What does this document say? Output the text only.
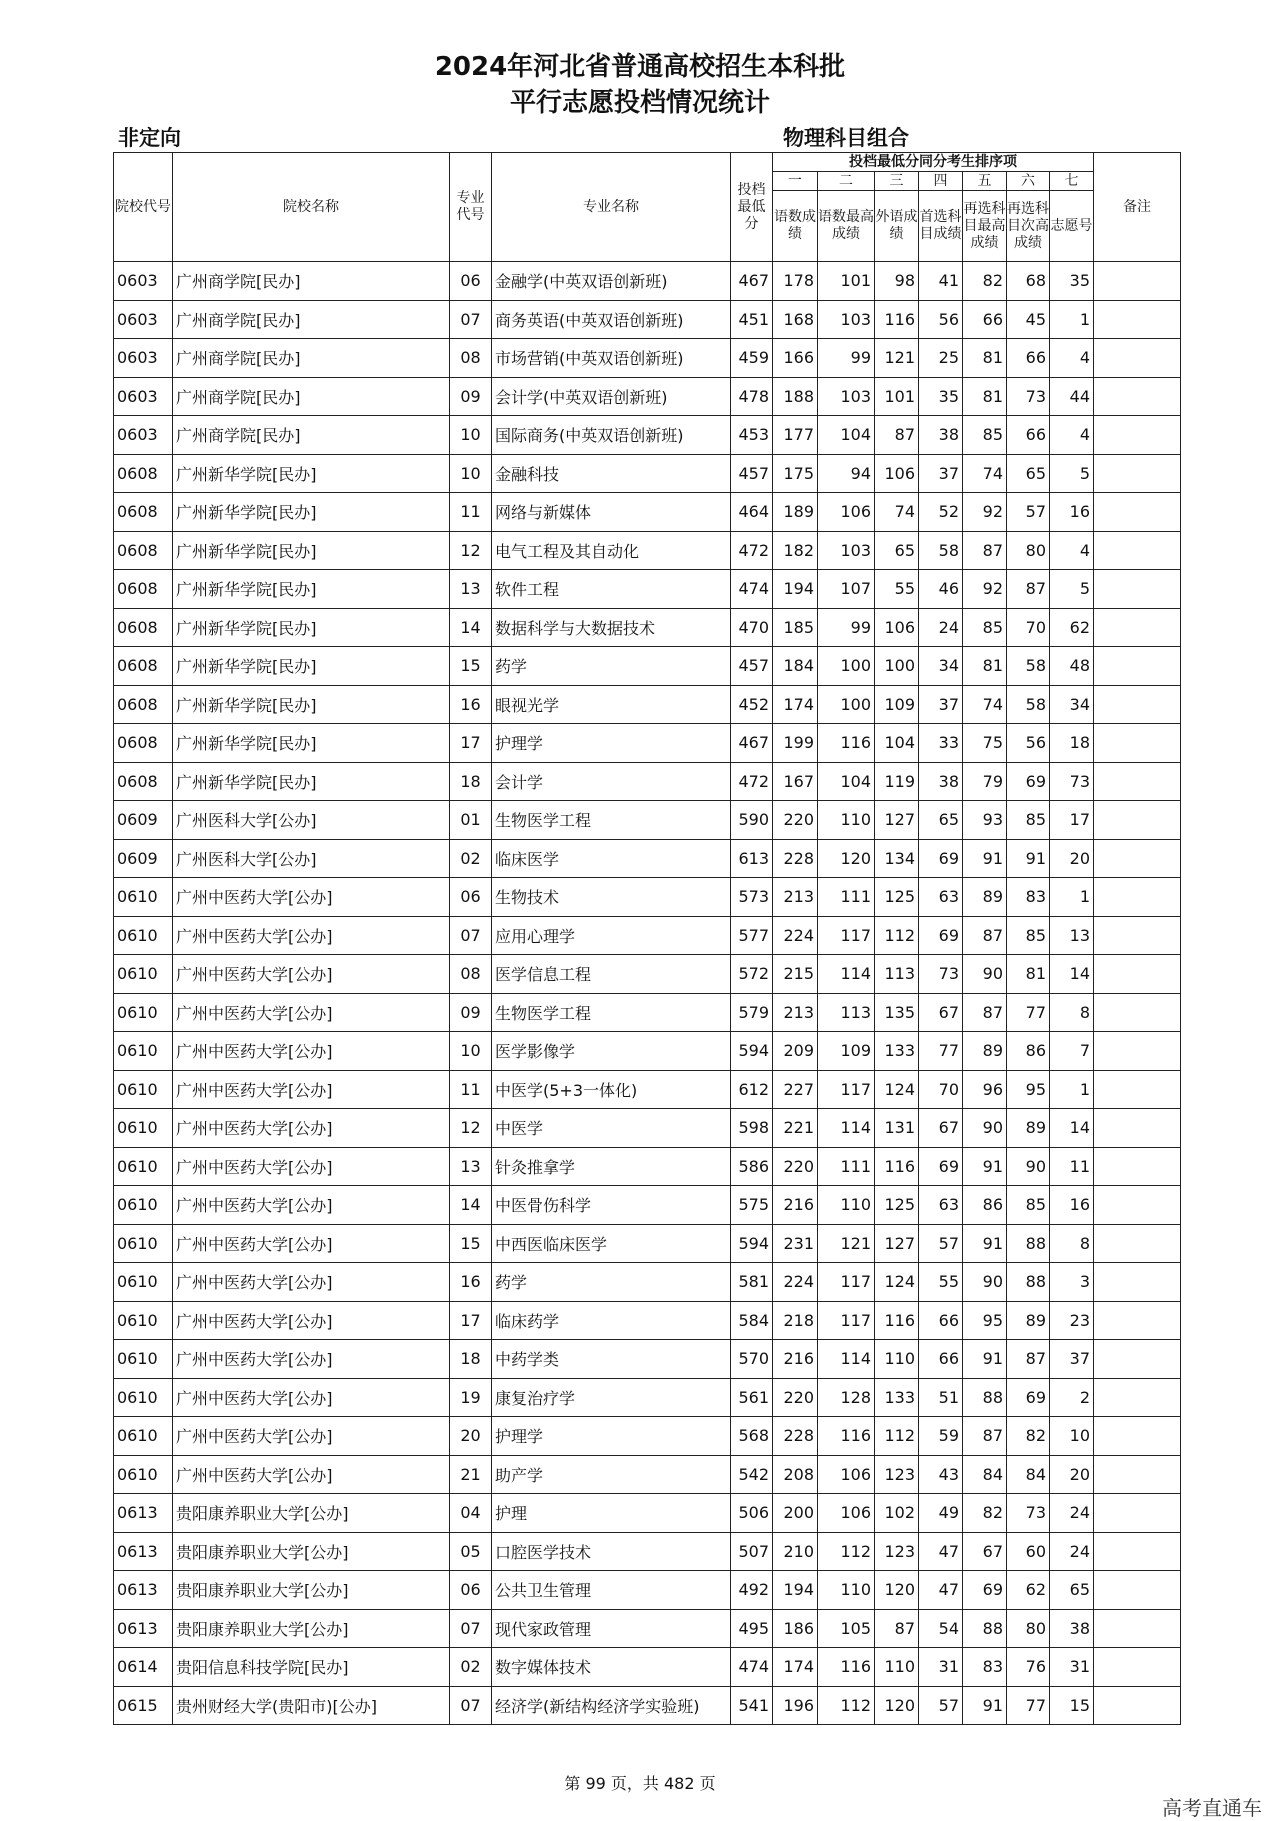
2024年河北省普通高校招生本科批
平行志愿投档情况统计
非定向	物理科目组合
院校代号	院校名称	专业代号	专业名称	投档最低分	投档最低分同分考生排序项							备注
					一	二	三	四	五	六	七	
					语数成绩	语数最高成绩	外语成绩	首选科目成绩	再选科目最高成绩	再选科目次高成绩	志愿号	
0603	广州商学院[民办]	06	金融学(中英双语创新班)	467	178	101	98	41	82	68	35	
0603	广州商学院[民办]	07	商务英语(中英双语创新班)	451	168	103	116	56	66	45	1	
0603	广州商学院[民办]	08	市场营销(中英双语创新班)	459	166	99	121	25	81	66	4	
0603	广州商学院[民办]	09	会计学(中英双语创新班)	478	188	103	101	35	81	73	44	
0603	广州商学院[民办]	10	国际商务(中英双语创新班)	453	177	104	87	38	85	66	4	
0608	广州新华学院[民办]	10	金融科技	457	175	94	106	37	74	65	5	
0608	广州新华学院[民办]	11	网络与新媒体	464	189	106	74	52	92	57	16	
0608	广州新华学院[民办]	12	电气工程及其自动化	472	182	103	65	58	87	80	4	
0608	广州新华学院[民办]	13	软件工程	474	194	107	55	46	92	87	5	
0608	广州新华学院[民办]	14	数据科学与大数据技术	470	185	99	106	24	85	70	62	
0608	广州新华学院[民办]	15	药学	457	184	100	100	34	81	58	48	
0608	广州新华学院[民办]	16	眼视光学	452	174	100	109	37	74	58	34	
0608	广州新华学院[民办]	17	护理学	467	199	116	104	33	75	56	18	
0608	广州新华学院[民办]	18	会计学	472	167	104	119	38	79	69	73	
0609	广州医科大学[公办]	01	生物医学工程	590	220	110	127	65	93	85	17	
0609	广州医科大学[公办]	02	临床医学	613	228	120	134	69	91	91	20	
0610	广州中医药大学[公办]	06	生物技术	573	213	111	125	63	89	83	1	
0610	广州中医药大学[公办]	07	应用心理学	577	224	117	112	69	87	85	13	
0610	广州中医药大学[公办]	08	医学信息工程	572	215	114	113	73	90	81	14	
0610	广州中医药大学[公办]	09	生物医学工程	579	213	113	135	67	87	77	8	
0610	广州中医药大学[公办]	10	医学影像学	594	209	109	133	77	89	86	7	
0610	广州中医药大学[公办]	11	中医学(5+3一体化)	612	227	117	124	70	96	95	1	
0610	广州中医药大学[公办]	12	中医学	598	221	114	131	67	90	89	14	
0610	广州中医药大学[公办]	13	针灸推拿学	586	220	111	116	69	91	90	11	
0610	广州中医药大学[公办]	14	中医骨伤科学	575	216	110	125	63	86	85	16	
0610	广州中医药大学[公办]	15	中西医临床医学	594	231	121	127	57	91	88	8	
0610	广州中医药大学[公办]	16	药学	581	224	117	124	55	90	88	3	
0610	广州中医药大学[公办]	17	临床药学	584	218	117	116	66	95	89	23	
0610	广州中医药大学[公办]	18	中药学类	570	216	114	110	66	91	87	37	
0610	广州中医药大学[公办]	19	康复治疗学	561	220	128	133	51	88	69	2	
0610	广州中医药大学[公办]	20	护理学	568	228	116	112	59	87	82	10	
0610	广州中医药大学[公办]	21	助产学	542	208	106	123	43	84	84	20	
0613	贵阳康养职业大学[公办]	04	护理	506	200	106	102	49	82	73	24	
0613	贵阳康养职业大学[公办]	05	口腔医学技术	507	210	112	123	47	67	60	24	
0613	贵阳康养职业大学[公办]	06	公共卫生管理	492	194	110	120	47	69	62	65	
0613	贵阳康养职业大学[公办]	07	现代家政管理	495	186	105	87	54	88	80	38	
0614	贵阳信息科技学院[民办]	02	数字媒体技术	474	174	116	110	31	83	76	31	
0615	贵州财经大学(贵阳市)[公办]	07	经济学(新结构经济学实验班)	541	196	112	120	57	91	77	15	
第 99 页，共 482 页
高考直通车
